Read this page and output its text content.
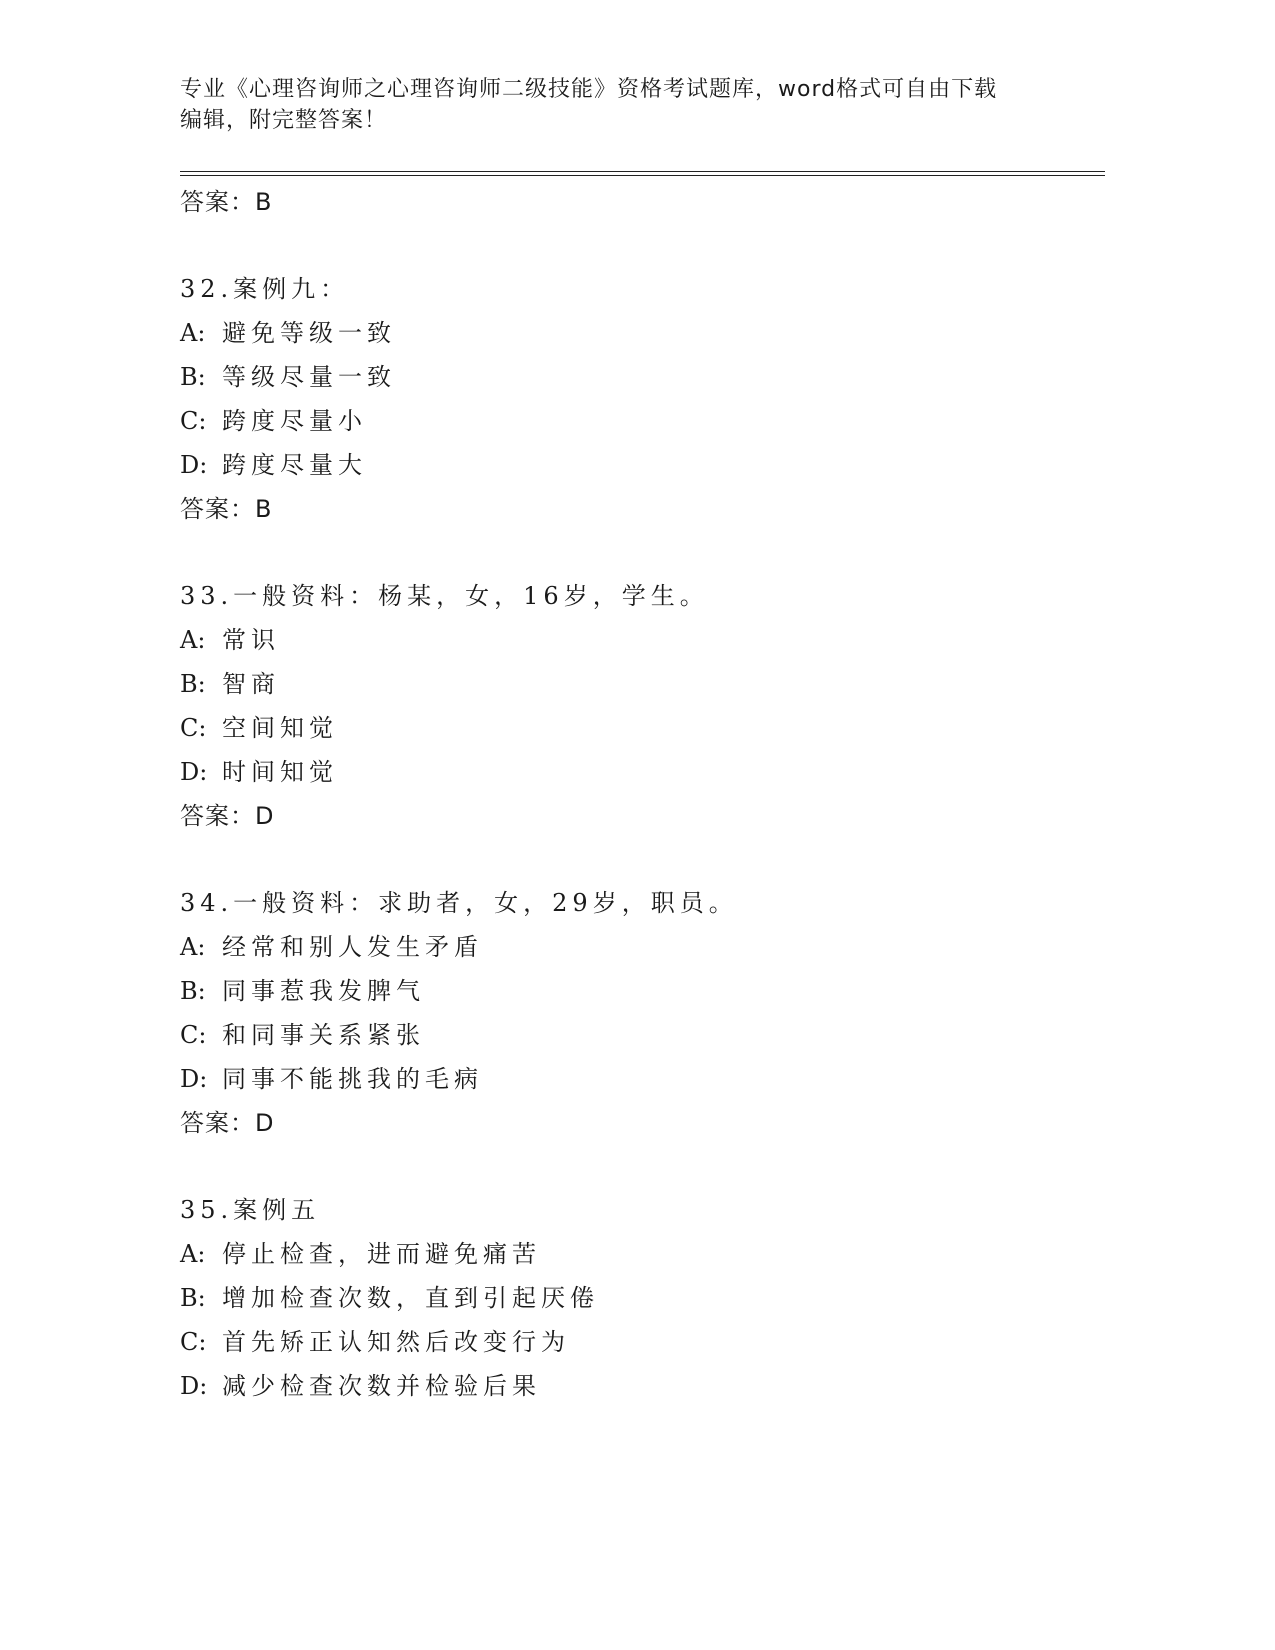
专业《心理咨询师之心理咨询师二级技能》资格考试题库，word格式可自由下载
编辑，附完整答案！
答案：B
32.案例九：
A: 避免等级一致
B: 等级尽量一致
C: 跨度尽量小
D: 跨度尽量大
答案：B
33.一般资料：杨某，女，16岁，学生。
A: 常识
B: 智商
C: 空间知觉
D: 时间知觉
答案：D
34.一般资料：求助者，女，29岁，职员。
A: 经常和别人发生矛盾
B: 同事惹我发脾气
C: 和同事关系紧张
D: 同事不能挑我的毛病
答案：D
35.案例五
A: 停止检查，进而避免痛苦
B: 增加检查次数，直到引起厌倦
C: 首先矫正认知然后改变行为
D: 减少检查次数并检验后果
